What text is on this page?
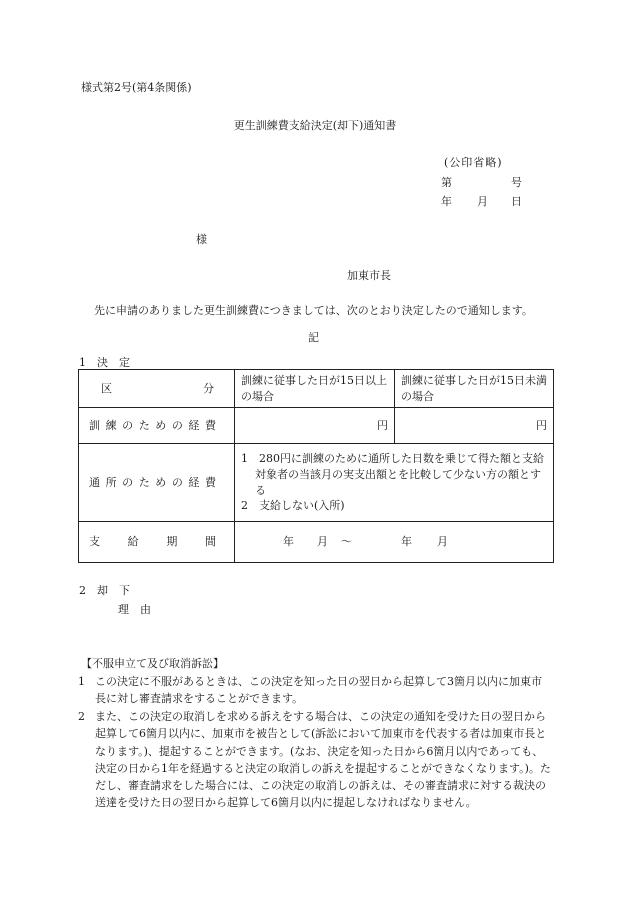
様式第2号(第4条関係)
更生訓練費支給決定(却下)通知書
(公印省略)
第	号
年 月 日
様
加東市長
先に申請のありました更生訓練費につきましては、次のとおり決定したので通知します。
記
1　決　定
区　　分	訓練に従事した日が15日以上の場合	訓練に従事した日が15日未満の場合
訓練のための経費	円	円
通所のための経費	1　 280円に訓練のために通所した日数を乗じて得た額と支給対象者の当該月の実支出額とを比較して少ない方の額とする
2　支給しない(入所)	

支給期間	年 月 ～ 年 月	
2　却　下
理　由
【不服申立て及び取消訴訟】
1 この決定に不服があるときは、この決定を知った日の翌日から起算して3箇月以内に加東市長に対し審査請求をすることができます。
2 また、この決定の取消しを求める訴えをする場合は、この決定の通知を受けた日の翌日から起算して6箇月以内に、加東市を被告として(訴訟において加東市を代表する者は加東市長となります。)、提起することができます。(なお、決定を知った日から6箇月以内であっても、決定の日から1年を経過すると決定の取消しの訴えを提起することができなくなります。)。ただし、審査請求をした場合には、この決定の取消しの訴えは、その審査請求に対する裁決の送達を受けた日の翌日から起算して6箇月以内に提起しなければなりません。
